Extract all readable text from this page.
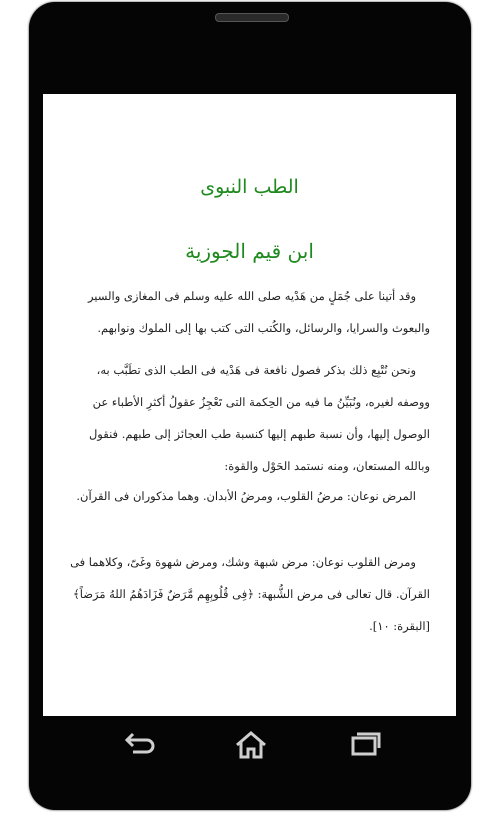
الطب النبوى
ابن قيم الجوزية
وقد أتينا على جُمَلٍ من هَدْيه صلى الله عليه وسلم فى المغازى والسير والبعوث والسرايا، والرسائل، والكُتب التى كتب بها إلى الملوك ونوابهم.
ونحن نُتْبِع ذلك بذكر فصول نافعة فى هَدْيه فى الطب الذى تطَبَّب به، ووصفه لغيره، ونُبَيِّنُ ما فيه من الحِكمة التى تَعْجِزُ عقولُ أكثرِ الأطباء عن الوصول إليها، وأن نسبة طبهم إليها كنسبة طب العجائز إلى طبهم. فنقول وبالله المستعان، ومنه نستمد الحَوْل والقوة:
المرض نوعان: مرضُ القلوب، ومرضُ الأبدان. وهما مذكوران فى القرآن.
ومرض القلوب نوعان: مرض شبهة وشك، ومرض شهوة وغَىّ، وكلاهما فى القرآن. قال تعالى فى مرض الشُّبهة: ﴿فِى قُلُوبِهِم مَّرَضٌ فَزَادَهُمُ اللهُ مَرَضاً﴾ [البقرة: ١٠].
